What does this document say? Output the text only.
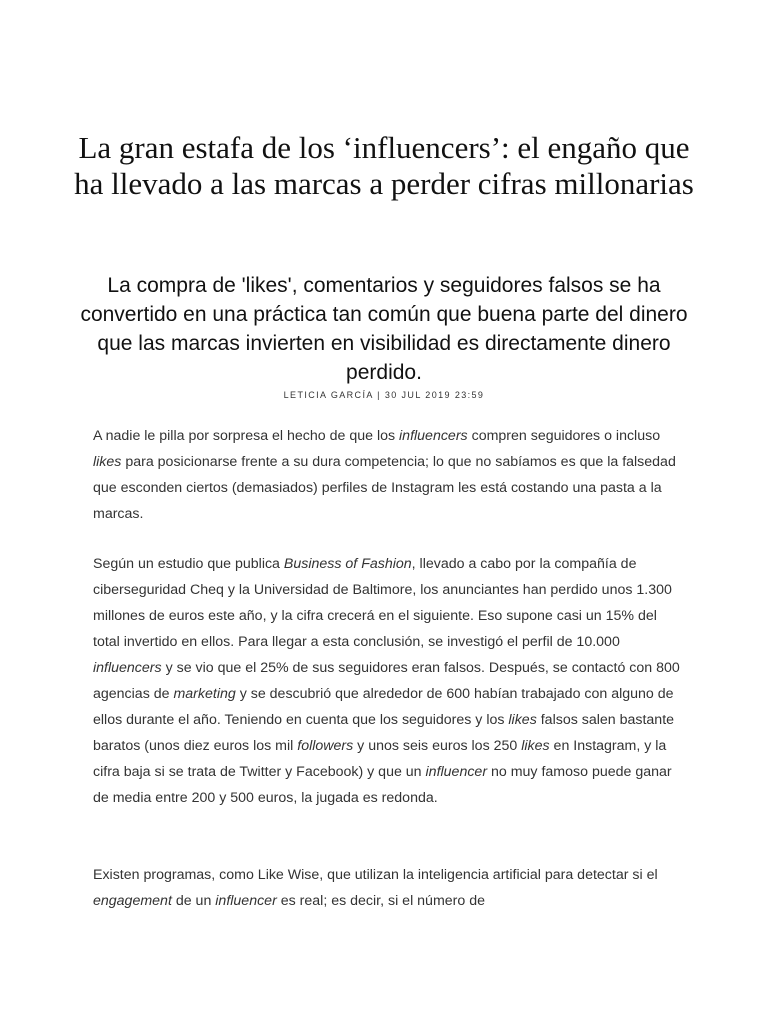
La gran estafa de los ‘influencers’: el engaño que ha llevado a las marcas a perder cifras millonarias

La compra de 'likes', comentarios y seguidores falsos se ha convertido en una práctica tan común que buena parte del dinero que las marcas invierten en visibilidad es directamente dinero perdido.

LETICIA GARCÍA | 30 JUL 2019 23:59

A nadie le pilla por sorpresa el hecho de que los influencers compren seguidores o incluso likes para posicionarse frente a su dura competencia; lo que no sabíamos es que la falsedad que esconden ciertos (demasiados) perfiles de Instagram les está costando una pasta a la marcas.

Según un estudio que publica Business of Fashion, llevado a cabo por la compañía de ciberseguridad Cheq y la Universidad de Baltimore, los anunciantes han perdido unos 1.300 millones de euros este año, y la cifra crecerá en el siguiente. Eso supone casi un 15% del total invertido en ellos. Para llegar a esta conclusión, se investigó el perfil de 10.000 influencers y se vio que el 25% de sus seguidores eran falsos. Después, se contactó con 800 agencias de marketing y se descubrió que alrededor de 600 habían trabajado con alguno de ellos durante el año. Teniendo en cuenta que los seguidores y los likes falsos salen bastante baratos (unos diez euros los mil followers y unos seis euros los 250 likes en Instagram, y la cifra baja si se trata de Twitter y Facebook) y que un influencer no muy famoso puede ganar de media entre 200 y 500 euros, la jugada es redonda.

Existen programas, como Like Wise, que utilizan la inteligencia artificial para detectar si el engagement de un influencer es real; es decir, si el número de
